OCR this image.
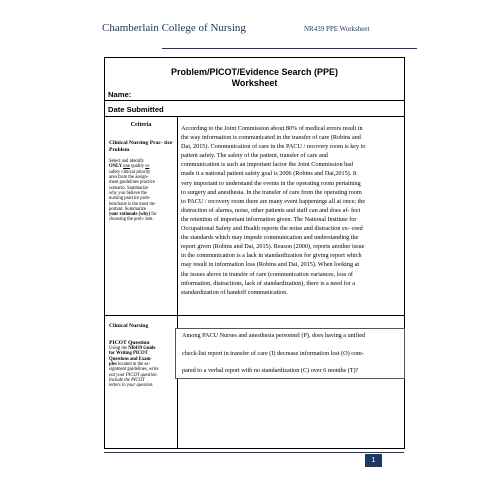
Chamberlain College of Nursing	NR439 PPE Worksheet
Problem/PICOT/Evidence Search (PPE)
Worksheet
Name:
Date Submitted
Criteria
Clinical Nursing Prac- tice Problem
Select and identify
ONLY one quality or
safety clinical priority
area from the assign-
ment guidelines practice
scenario. Summarize
why you believe the
nursing practice prob-
lem/issue is the most im-
portant. Summarize
your rationale (why) for
choosing the prob- lem.
According to the Joint Commission about 80% of medical errors result in
the way information is communicated in the transfer of care (Robins and
Dai, 2015). Communication of care in the PACU / recovery room is key to
patient safety. The safety of the patient, transfer of care and
communication is such an important factor the Joint Commission had
made it a national patient safety goal is 2006 (Robins and Dai,2015). It
very important to understand the events in the operating room pertaining
to surgery and anesthesia. In the transfer of care from the operating room
to PACU / recovery room there are many event happenings all at once; the
distraction of alarms, noise, other patients and staff can and does af- fect
the retention of important information given. The National Institute for
Occupational Safety and Health reports the noise and distraction ex- ceed
the standards which may impede communication and understanding the
report given (Robins and Dai, 2015). Reason (2000), reports another issue
in the communication is a lack in standardization for giving report which
may result in information loss (Robins and Dai, 2015). When looking at
the issues above in transfer of care (communication variances, loss of
information, distractions, lack of standardization), there is a need for a
standardization of handoff communication.
Clinical Nursing
PICOT Question
Using the NR439 Guide
for Writing PICOT
Questions and Exam-
ples located in the as-
signment guidelines, write
out your PICOT question.
Include the PICOT
letters in your question.
Among PACU Nurses and anesthesia personnel (P), does having a unified
check-list report in transfer of care (I) decrease information lost (O) com-
pared to a verbal report with no standardization (C) over 6 months (T)?
1
